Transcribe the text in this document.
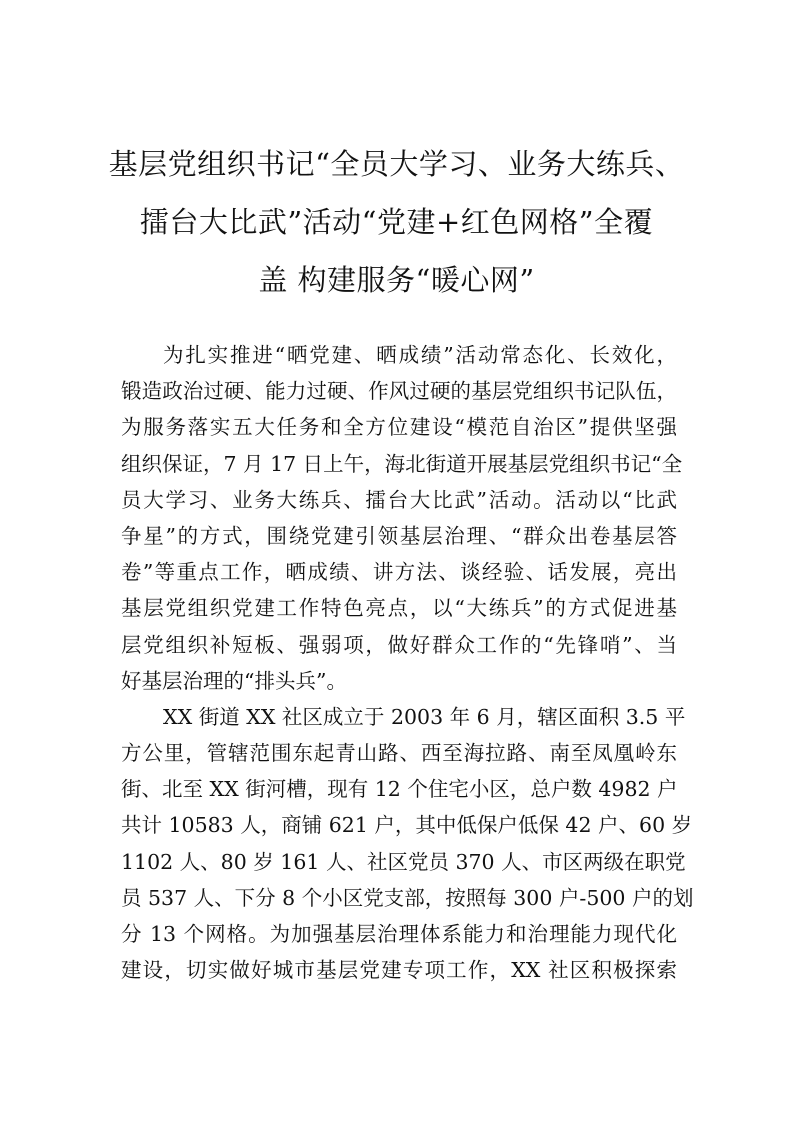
基层党组织书记“全员大学习、业务大练兵、
擂台大比武”活动“党建+红色网格”全覆
盖 构建服务“暖心网”
为扎实推进“晒党建、晒成绩”活动常态化、长效化，
锻造政治过硬、能力过硬、作风过硬的基层党组织书记队伍，
为服务落实五大任务和全方位建设“模范自治区”提供坚强
组织保证，7 月 17 日上午，海北街道开展基层党组织书记“全
员大学习、业务大练兵、擂台大比武”活动。活动以“比武
争星”的方式，围绕党建引领基层治理、“群众出卷基层答
卷”等重点工作，晒成绩、讲方法、谈经验、话发展，亮出
基层党组织党建工作特色亮点，以“大练兵”的方式促进基
层党组织补短板、强弱项，做好群众工作的“先锋哨”、当
好基层治理的“排头兵”。
XX 街道 XX 社区成立于 2003 年 6 月，辖区面积 3.5 平
方公里，管辖范围东起青山路、西至海拉路、南至凤凰岭东
街、北至 XX 街河槽，现有 12 个住宅小区，总户数 4982 户
共计 10583 人，商铺 621 户，其中低保户低保 42 户、60 岁
1102 人、80 岁 161 人、社区党员 370 人、市区两级在职党
员 537 人、下分 8 个小区党支部，按照每 300 户-500 户的划
分 13 个网格。为加强基层治理体系能力和治理能力现代化
建设，切实做好城市基层党建专项工作，XX 社区积极探索
